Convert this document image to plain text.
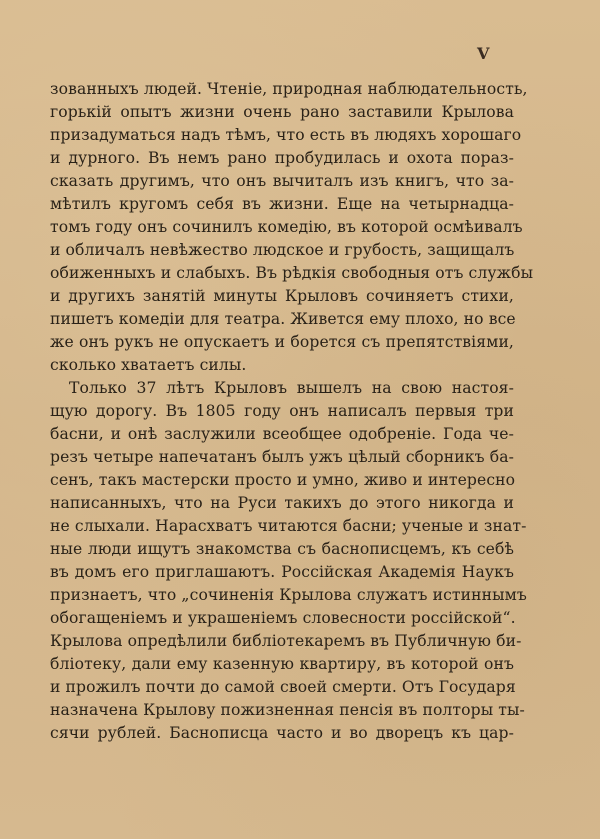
V
зованныхъ людей. Чтенiе, природная наблюдательность,
горькiй опытъ жизни очень рано заставили Крылова
призадуматься надъ тѣмъ, что есть въ людяхъ хорошаго
и дурного. Въ немъ рано пробудилась и охота пораз-
сказать другимъ, что онъ вычиталъ изъ книгъ, что за-
мѣтилъ кругомъ себя въ жизни. Еще на четырнадца-
томъ году онъ сочинилъ комедiю, въ которой осмѣивалъ
и обличалъ невѣжество людское и грубость, защищалъ
обиженныхъ и слабыхъ. Въ рѣдкiя свободныя отъ службы
и другихъ занятiй минуты Крыловъ сочиняетъ стихи,
пишетъ комедiи для театра. Живется ему плохо, но все
же онъ рукъ не опускаетъ и борется съ препятствiями,
сколько хватаетъ силы.
Только 37 лѣтъ Крыловъ вышелъ на свою настоя-
щую дорогу. Въ 1805 году онъ написалъ первыя три
басни, и онѣ заслужили всеобщее одобренiе. Года че-
резъ четыре напечатанъ былъ ужъ цѣлый сборникъ ба-
сенъ, такъ мастерски просто и умно, живо и интересно
написанныхъ, что на Руси такихъ до этого никогда и
не слыхали. Нарасхватъ читаются басни; ученые и знат-
ные люди ищутъ знакомства съ баснописцемъ, къ себѣ
въ домъ его приглашаютъ. Россiйская Академiя Наукъ
признаетъ, что „сочиненiя Крылова служатъ истиннымъ
обогащенiемъ и украшенiемъ словесности россiйской“.
Крылова опредѣлили библiотекаремъ въ Публичную би-
блiотеку, дали ему казенную квартиру, въ которой онъ
и прожилъ почти до самой своей смерти. Отъ Государя
назначена Крылову пожизненная пенсiя въ полторы ты-
сячи рублей. Баснописца часто и во дворецъ къ цар-
